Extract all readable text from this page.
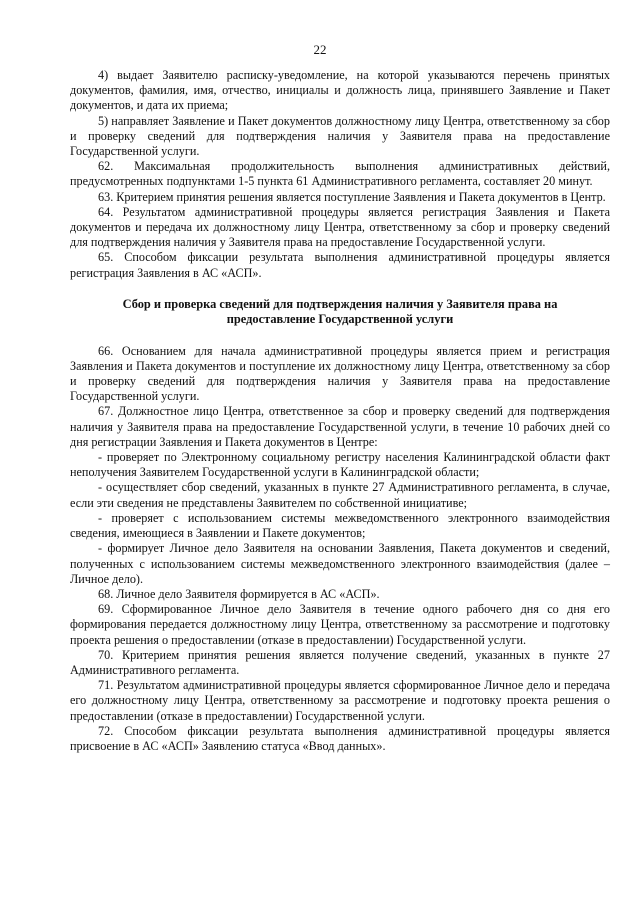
22

4) выдает Заявителю расписку-уведомление, на которой указываются перечень принятых документов, фамилия, имя, отчество, инициалы и должность лица, принявшего Заявление и Пакет документов, и дата их приема;

5) направляет Заявление и Пакет документов должностному лицу Центра, ответственному за сбор и проверку сведений для подтверждения наличия у Заявителя права на предоставление Государственной услуги.

62. Максимальная продолжительность выполнения административных действий, предусмотренных подпунктами 1-5 пункта 61 Административного регламента, составляет 20 минут.

63. Критерием принятия решения является поступление Заявления и Пакета документов в Центр.

64. Результатом административной процедуры является регистрация Заявления и Пакета документов и передача их должностному лицу Центра, ответственному за сбор и проверку сведений для подтверждения наличия у Заявителя права на предоставление Государственной услуги.

65. Способом фиксации результата выполнения административной процедуры является регистрация Заявления в АС «АСП».

Сбор и проверка сведений для подтверждения наличия у Заявителя права на
предоставление Государственной услуги

66. Основанием для начала административной процедуры является прием и регистрация Заявления и Пакета документов и поступление их должностному лицу Центра, ответственному за сбор и проверку сведений для подтверждения наличия у Заявителя права на предоставление Государственной услуги.

67. Должностное лицо Центра, ответственное за сбор и проверку сведений для подтверждения наличия у Заявителя права на предоставление Государственной услуги, в течение 10 рабочих дней со дня регистрации Заявления и Пакета документов в Центре:

- проверяет по Электронному социальному регистру населения Калининградской области факт неполучения Заявителем Государственной услуги в Калининградской области;

- осуществляет сбор сведений, указанных в пункте 27 Административного регламента, в случае, если эти сведения не представлены Заявителем по собственной инициативе;

- проверяет с использованием системы межведомственного электронного взаимодействия сведения, имеющиеся в Заявлении и Пакете документов;

- формирует Личное дело Заявителя на основании Заявления, Пакета документов и сведений, полученных с использованием системы межведомственного электронного взаимодействия (далее – Личное дело).

68. Личное дело Заявителя формируется в АС «АСП».

69. Сформированное Личное дело Заявителя в течение одного рабочего дня со дня его формирования передается должностному лицу Центра, ответственному за рассмотрение и подготовку проекта решения о предоставлении (отказе в предоставлении) Государственной услуги.

70. Критерием принятия решения является получение сведений, указанных в пункте 27 Административного регламента.

71. Результатом административной процедуры является сформированное Личное дело и передача его должностному лицу Центра, ответственному за рассмотрение и подготовку проекта решения о предоставлении (отказе в предоставлении) Государственной услуги.

72. Способом фиксации результата выполнения административной процедуры является присвоение в АС «АСП» Заявлению статуса «Ввод данных».
